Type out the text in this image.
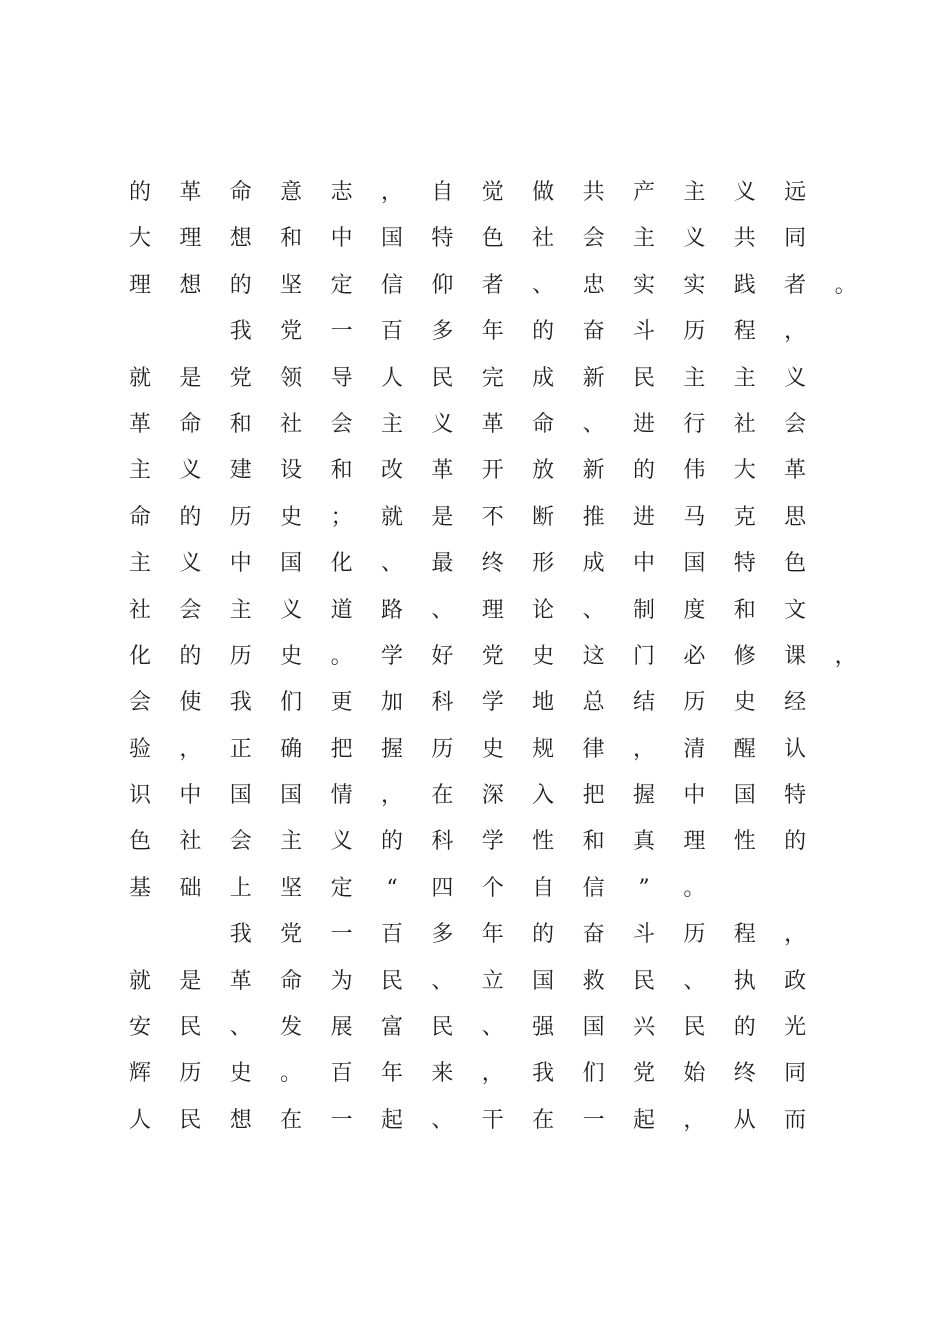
的 革 命 意 志 ， 自 觉 做 共 产 主 义 远
大 理 想 和 中 国 特 色 社 会 主 义 共 同
理 想 的 坚 定 信 仰 者 、 忠 实 实 践 者 。
我 党 一 百 多 年 的 奋 斗 历 程 ，
就 是 党 领 导 人 民 完 成 新 民 主 主 义
革 命 和 社 会 主 义 革 命 、 进 行 社 会
主 义 建 设 和 改 革 开 放 新 的 伟 大 革
命 的 历 史 ； 就 是 不 断 推 进 马 克 思
主 义 中 国 化 、 最 终 形 成 中 国 特 色
社 会 主 义 道 路 、 理 论 、 制 度 和 文
化 的 历 史 。 学 好 党 史 这 门 必 修 课 ，
会 使 我 们 更 加 科 学 地 总 结 历 史 经
验 ， 正 确 把 握 历 史 规 律 ， 清 醒 认
识 中 国 国 情 ， 在 深 入 把 握 中 国 特
色 社 会 主 义 的 科 学 性 和 真 理 性 的
基 础 上 坚 定 “ 四 个 自 信 ” 。
我 党 一 百 多 年 的 奋 斗 历 程 ，
就 是 革 命 为 民 、 立 国 救 民 、 执 政
安 民 、 发 展 富 民 、 强 国 兴 民 的 光
辉 历 史 。 百 年 来 ， 我 们 党 始 终 同
人 民 想 在 一 起 、 干 在 一 起 ， 从 而
